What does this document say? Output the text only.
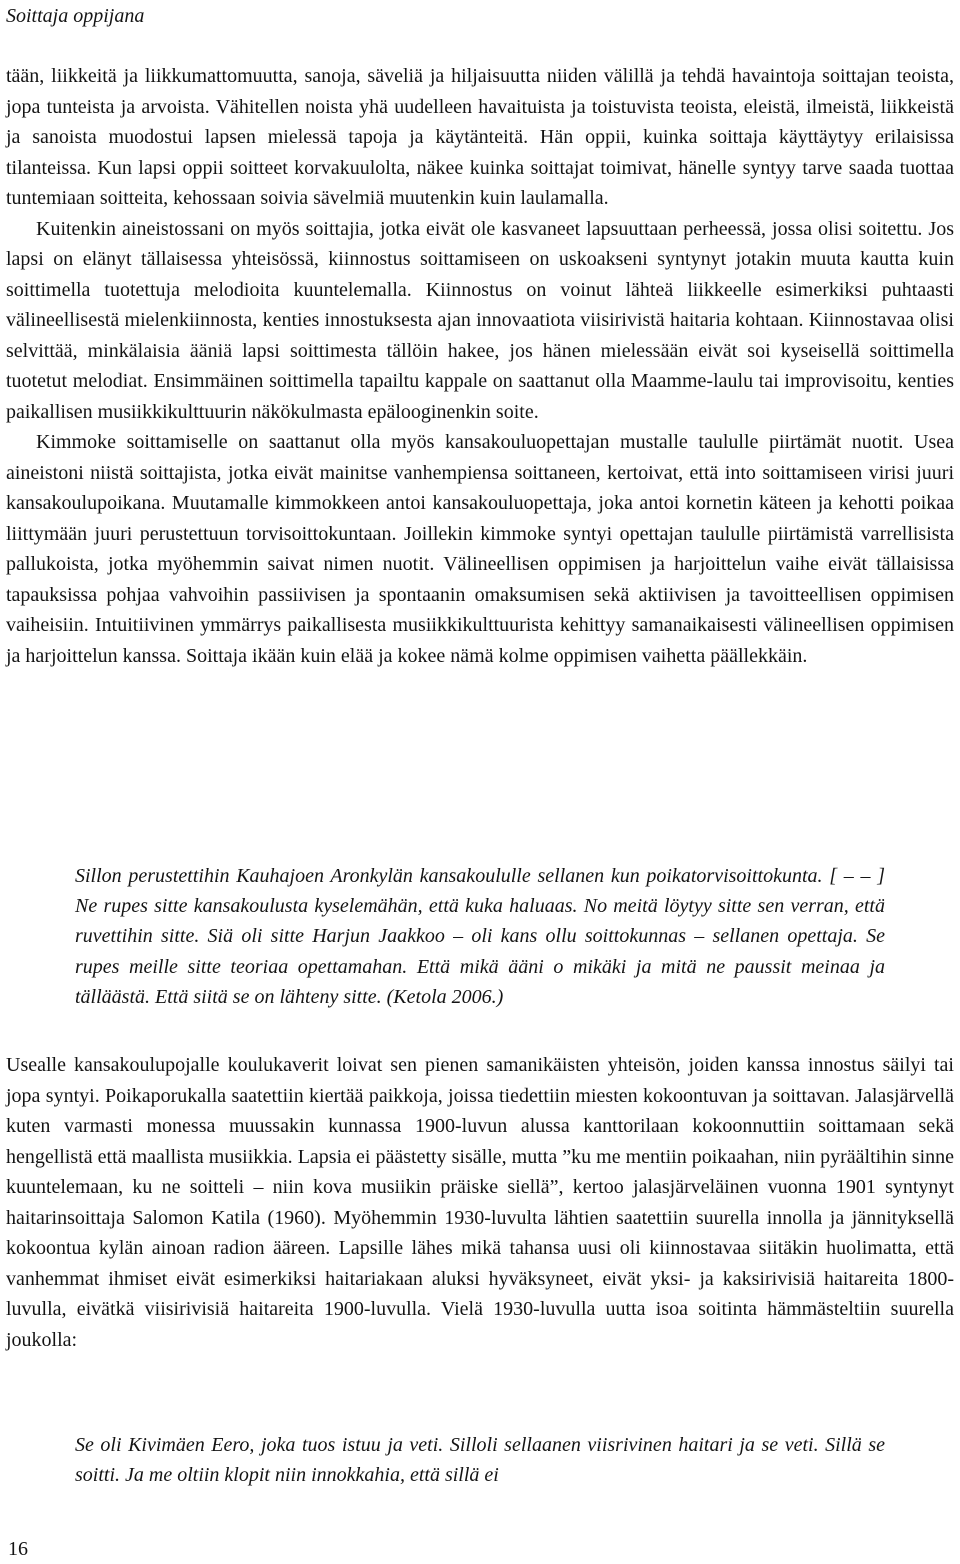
Soittaja oppijana

tään, liikkeitä ja liikkumattomuutta, sanoja, säveliä ja hiljaisuutta niiden välillä ja tehdä havaintoja soittajan teoista, jopa tunteista ja arvoista. Vähitellen noista yhä uudelleen havaituista ja toistuvista teoista, eleistä, ilmeistä, liikkeistä ja sanoista muodostui lapsen mielessä tapoja ja käytänteitä. Hän oppii, kuinka soittaja käyttäytyy erilaisissa tilanteissa. Kun lapsi oppii soitteet korvakuulolta, näkee kuinka soittajat toimivat, hänelle syntyy tarve saada tuottaa tuntemiaan soitteita, kehossaan soivia sävelmiä muutenkin kuin laulamalla.

Kuitenkin aineistossani on myös soittajia, jotka eivät ole kasvaneet lapsuuttaan perheessä, jossa olisi soitettu. Jos lapsi on elänyt tällaisessa yhteisössä, kiinnostus soittamiseen on uskoakseni syntynyt jotakin muuta kautta kuin soittimella tuotettuja melodioita kuuntelemalla. Kiinnostus on voinut lähteä liikkeelle esimerkiksi puhtaasti välineellisestä mielenkiinnosta, kenties innostuksesta ajan innovaatiota viisirivistä haitaria kohtaan. Kiinnostavaa olisi selvittää, minkälaisia ääniä lapsi soittimesta tällöin hakee, jos hänen mielessään eivät soi kyseisellä soittimella tuotetut melodiat. Ensimmäinen soittimella tapailtu kappale on saattanut olla Maamme-laulu tai improvisoitu, kenties paikallisen musiikkikulttuurin näkökulmasta epälooginenkin soite.

Kimmoke soittamiselle on saattanut olla myös kansakouluopettajan mustalle taululle piirtämät nuotit. Usea aineistoni niistä soittajista, jotka eivät mainitse vanhempiensa soittaneen, kertoivat, että into soittamiseen virisi juuri kansakoulupoikana. Muutamalle kimmokkeen antoi kansakouluopettaja, joka antoi kornetin käteen ja kehotti poikaa liittymään juuri perustettuun torvisoittokuntaan. Joillekin kimmoke syntyi opettajan taululle piirtämistä varrellisista pallukoista, jotka myöhemmin saivat nimen nuotit. Välineellisen oppimisen ja harjoittelun vaihe eivät tällaisissa tapauksissa pohjaa vahvoihin passiivisen ja spontaanin omaksumisen sekä aktiivisen ja tavoitteellisen oppimisen vaiheisiin. Intuitiivinen ymmärrys paikallisesta musiikkikulttuurista kehittyy samanaikaisesti välineellisen oppimisen ja harjoittelun kanssa. Soittaja ikään kuin elää ja kokee nämä kolme oppimisen vaihetta päällekkäin.

Sillon perustettihin Kauhajoen Aronkylän kansakoululle sellanen kun poikatorvisoittokunta. [ – – ] Ne rupes sitte kansakoulusta kyselemähän, että kuka haluaas. No meitä löytyy sitte sen verran, että ruvettihin sitte. Siä oli sitte Harjun Jaakkoo – oli kans ollu soittokunnas – sellanen opettaja. Se rupes meille sitte teoriaa opettamahan. Että mikä ääni o mikäki ja mitä ne paussit meinaa ja tälläästä. Että siitä se on lähteny sitte. (Ketola 2006.)

Usealle kansakoulupojalle koulukaverit loivat sen pienen samanikäisten yhteisön, joiden kanssa innostus säilyi tai jopa syntyi. Poikaporukalla saatettiin kiertää paikkoja, joissa tiedettiin miesten kokoontuvan ja soittavan. Jalasjärvellä kuten varmasti monessa muussakin kunnassa 1900-luvun alussa kanttorilaan kokoonnuttiin soittamaan sekä hengellistä että maallista musiikkia. Lapsia ei päästetty sisälle, mutta ”ku me mentiin poikaahan, niin pyräältihin sinne kuuntelemaan, ku ne soitteli – niin kova musiikin präiske siellä”, kertoo jalasjärveläinen vuonna 1901 syntynyt haitarinsoittaja Salomon Katila (1960). Myöhemmin 1930-luvulta lähtien saatettiin suurella innolla ja jännityksellä kokoontua kylän ainoan radion ääreen. Lapsille lähes mikä tahansa uusi oli kiinnostavaa siitäkin huolimatta, että vanhemmat ihmiset eivät esimerkiksi haitariakaan aluksi hyväksyneet, eivät yksi- ja kaksirivisiä haitareita 1800-luvulla, eivätkä viisirivisiä haitareita 1900-luvulla. Vielä 1930-luvulla uutta isoa soitinta hämmästeltiin suurella joukolla:

Se oli Kivimäen Eero, joka tuos istuu ja veti. Silloli sellaanen viisrivinen haitari ja se veti. Sillä se soitti. Ja me oltiin klopit niin innokkahia, että sillä ei

16
